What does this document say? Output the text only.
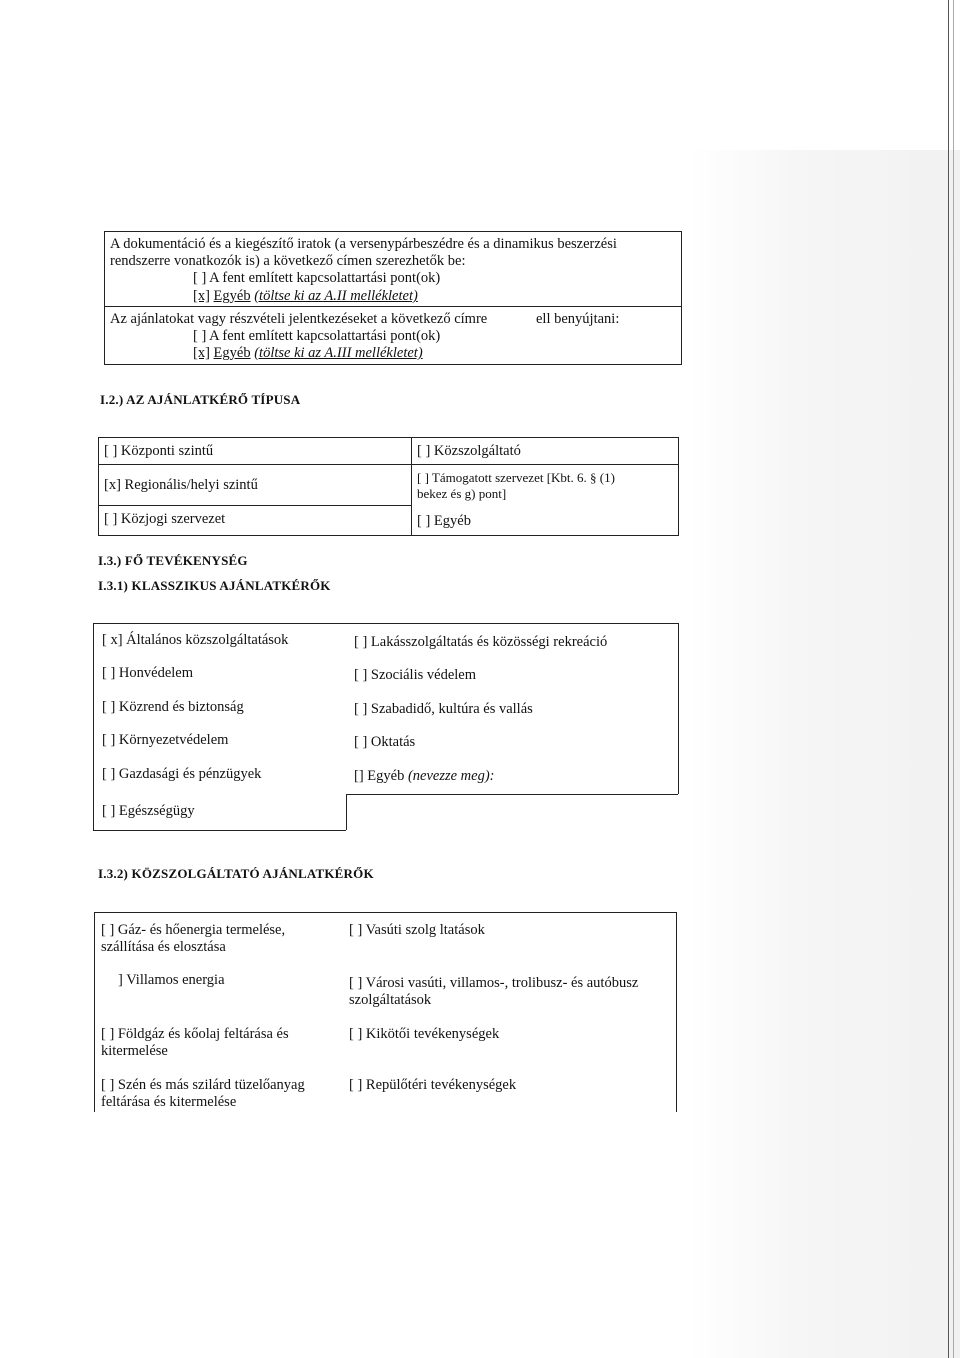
A dokumentáció és a kiegészítő iratok (a versenypárbeszédre és a dinamikus beszerzési
rendszerre vonatkozók is) a következő címen szerezhetők be:
[ ] A fent említett kapcsolattartási pont(ok)
[x] Egyéb (töltse ki az A.II mellékletet)
Az ajánlatokat vagy részvételi jelentkezéseket a következő címre	ell benyújtani:
[ ] A fent említett kapcsolattartási pont(ok)
[x] Egyéb (töltse ki az A.III mellékletet)
I.2.) AZ AJÁNLATKÉRŐ TÍPUSA
[ ] Központi szintű
[x] Regionális/helyi szintű
[ ] Közjogi szervezet
[ ] Közszolgáltató
[ ] Támogatott szervezet [Kbt. 6. § (1)
bekez és g) pont]
[ ] Egyéb
I.3.) FŐ TEVÉKENYSÉG
I.3.1) KLASSZIKUS AJÁNLATKÉRŐK
[ x] Általános közszolgáltatások
[ ] Honvédelem
[ ] Közrend és biztonság
[ ] Környezetvédelem
[ ] Gazdasági és pénzügyek
[ ] Egészségügy
[ ] Lakásszolgáltatás és közösségi rekreáció
[ ] Szociális védelem
[ ] Szabadidő, kultúra és vallás
[ ] Oktatás
[] Egyéb (nevezze meg):
I.3.2) KÖZSZOLGÁLTATÓ AJÁNLATKÉRŐK
[ ] Gáz- és hőenergia termelése,
szállítása és elosztása
] Villamos energia
[ ] Földgáz és kőolaj feltárása és
kitermelése
[ ] Szén és más szilárd tüzelőanyag
feltárása és kitermelése
[ ] Vasúti szolg ltatások
[ ] Városi vasúti, villamos-, trolibusz- és autóbusz
szolgáltatások
[ ] Kikötői tevékenységek
[ ] Repülőtéri tevékenységek
